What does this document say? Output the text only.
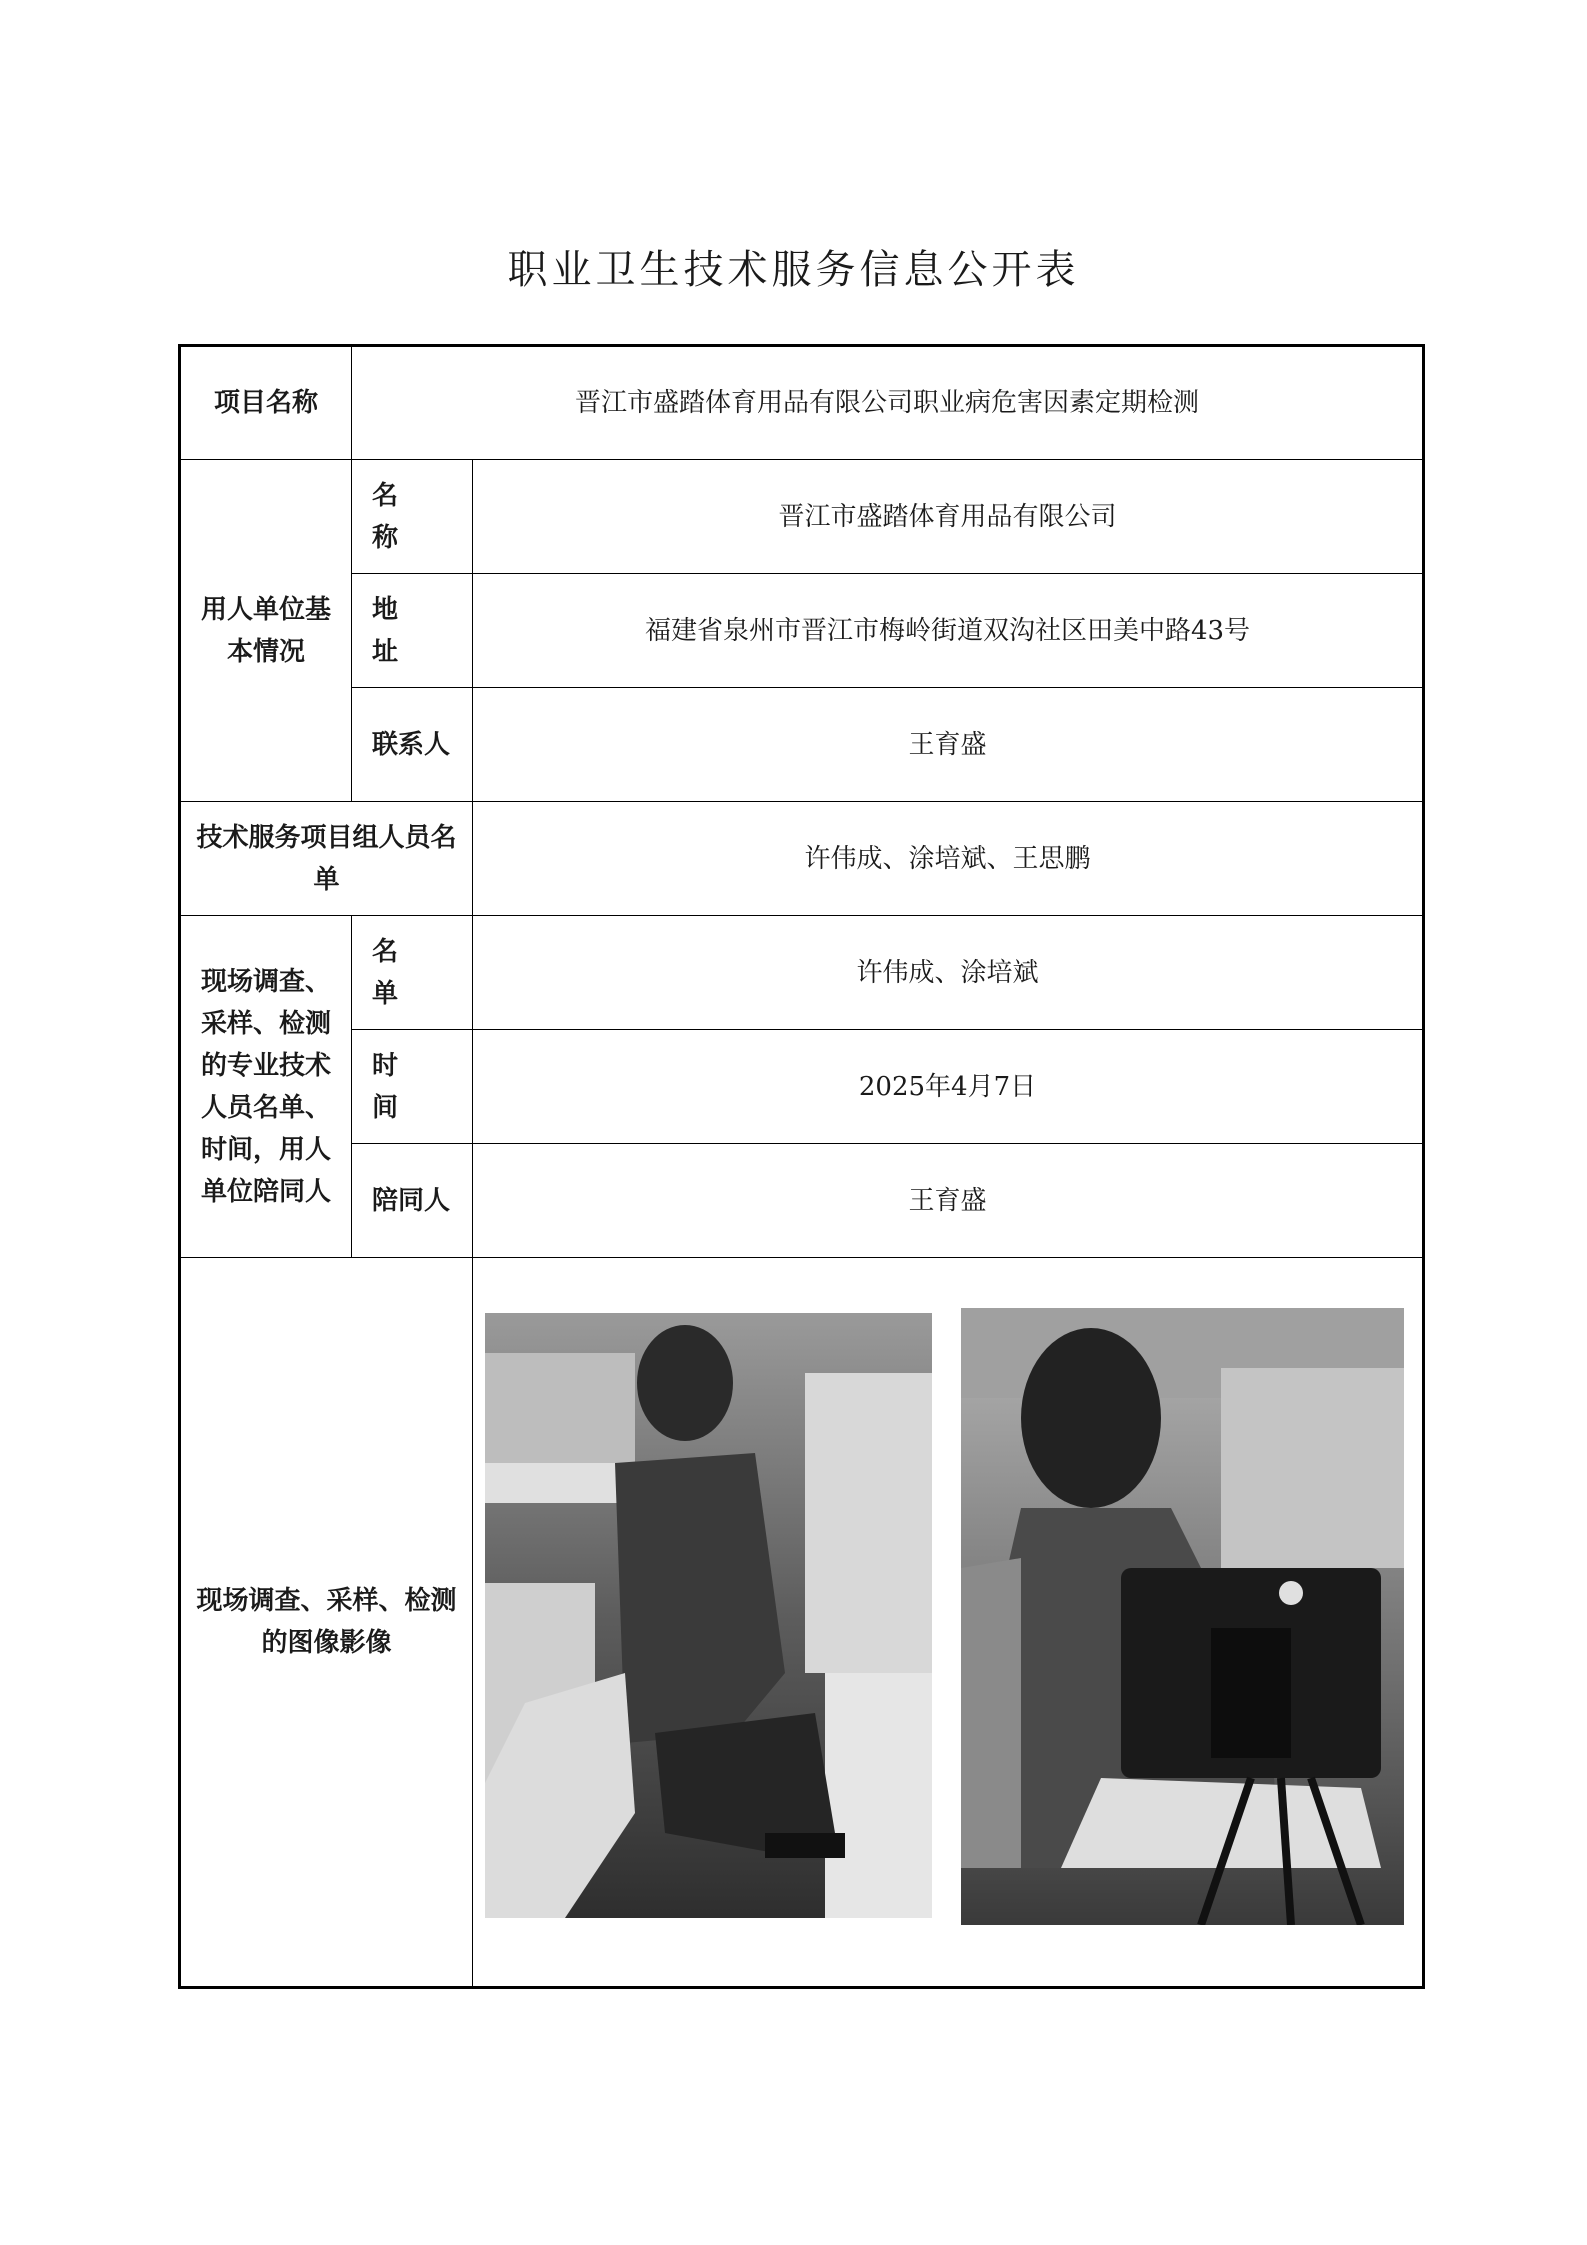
职业卫生技术服务信息公开表
项目名称	晋江市盛踏体育用品有限公司职业病危害因素定期检测	
用人单位基本情况	名称	晋江市盛踏体育用品有限公司
	地址	福建省泉州市晋江市梅岭街道双沟社区田美中路43号
	联系人	王育盛
技术服务项目组人员名单		许伟成、涂培斌、王思鹏
现场调查、采样、检测的专业技术人员名单、时间，用人单位陪同人	名单	许伟成、涂培斌
	时间	2025年4月7日
	陪同人	王育盛
现场调查、采样、检测的图像影像	
